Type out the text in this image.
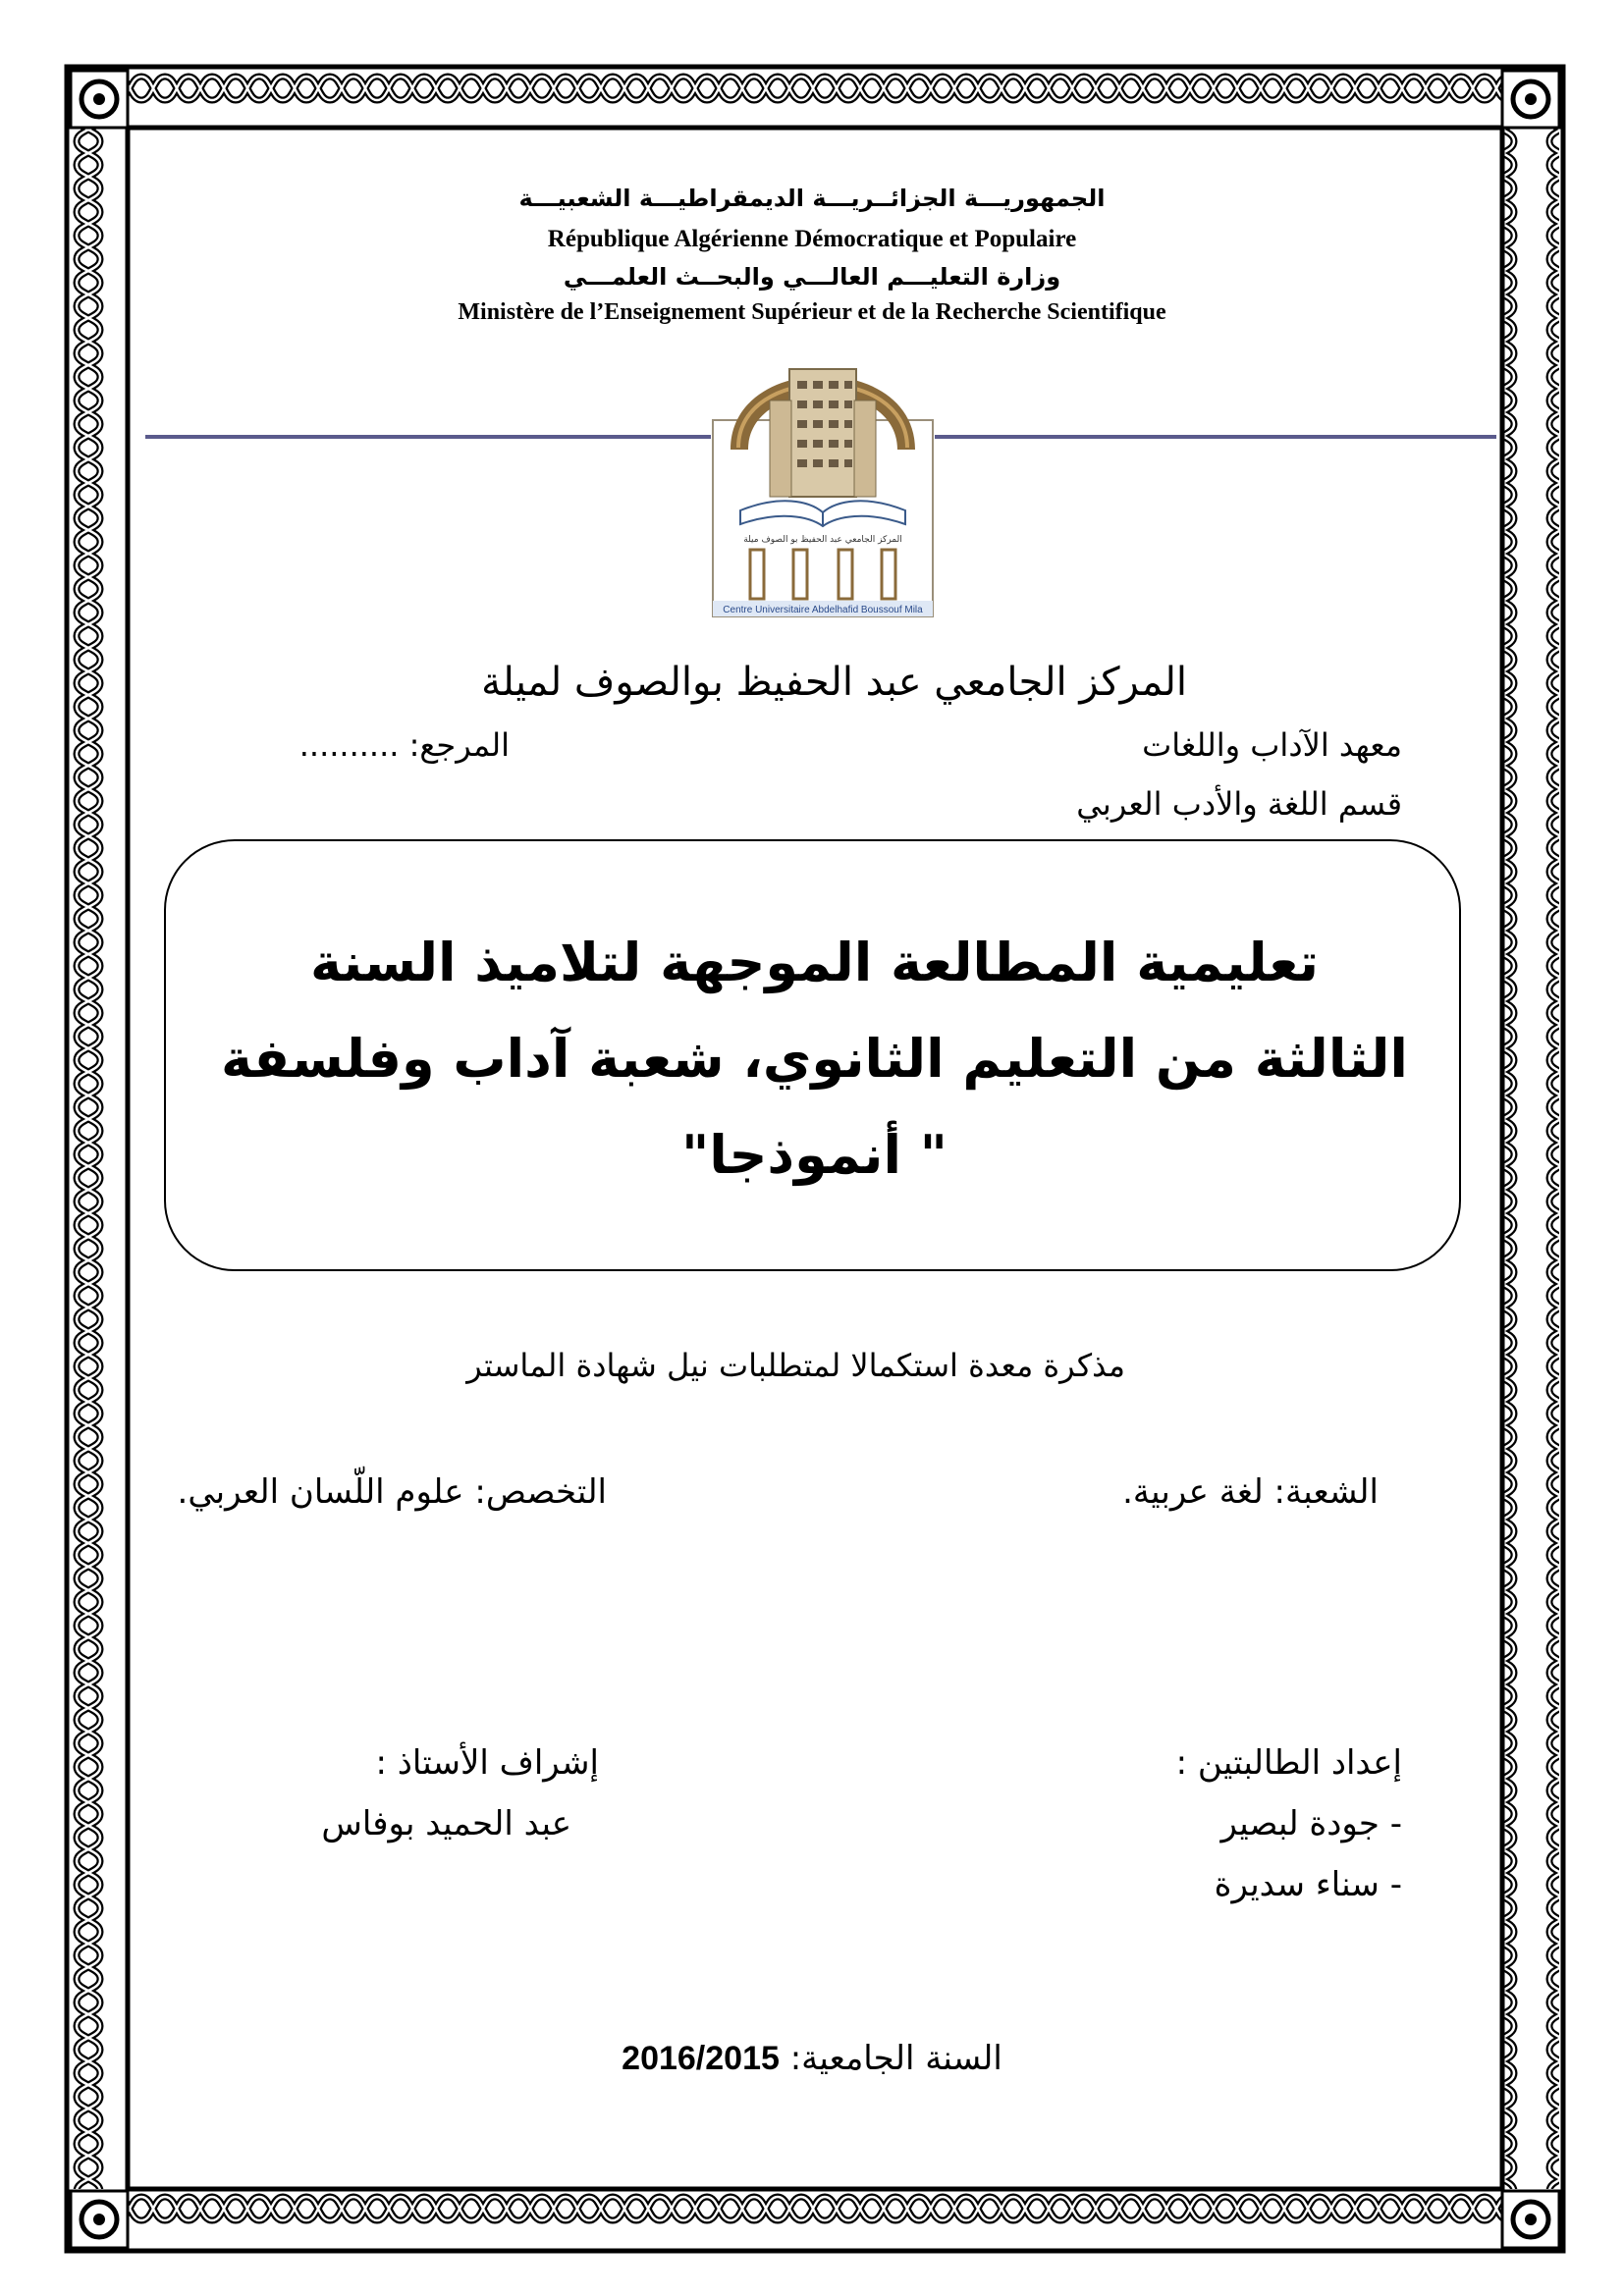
الجمهوريـــة الجزائــريـــة الديمقراطيـــة الشعبيـــة
République Algérienne Démocratique et Populaire
وزارة التعليـــم العالـــي والبحــث العلمـــي
Ministère de l’Enseignement Supérieur et de la Recherche Scientifique
المركز الجامعي عبد الحفيظ بو الصوف ميلة
Centre Universitaire Abdelhafid Boussouf Mila
المركز الجامعي عبد الحفيظ بوالصوف لميلة
معهد الآداب واللغات
المرجع: ..........
قسم اللغة والأدب العربي
تعليمية المطالعة الموجهة لتلاميذ السنة
الثالثة من التعليم الثانوي، شعبة آداب وفلسفة
" أنموذجا"
مذكرة معدة استكمالا لمتطلبات نيل شهادة الماستر
الشعبة: لغة عربية.
التخصص: علوم اللّسان العربي.
إعداد الطالبتين :
- جودة لبصير
- سناء سديرة
إشراف الأستاذ :
عبد الحميد بوفاس
السنة الجامعية: 2016/2015
